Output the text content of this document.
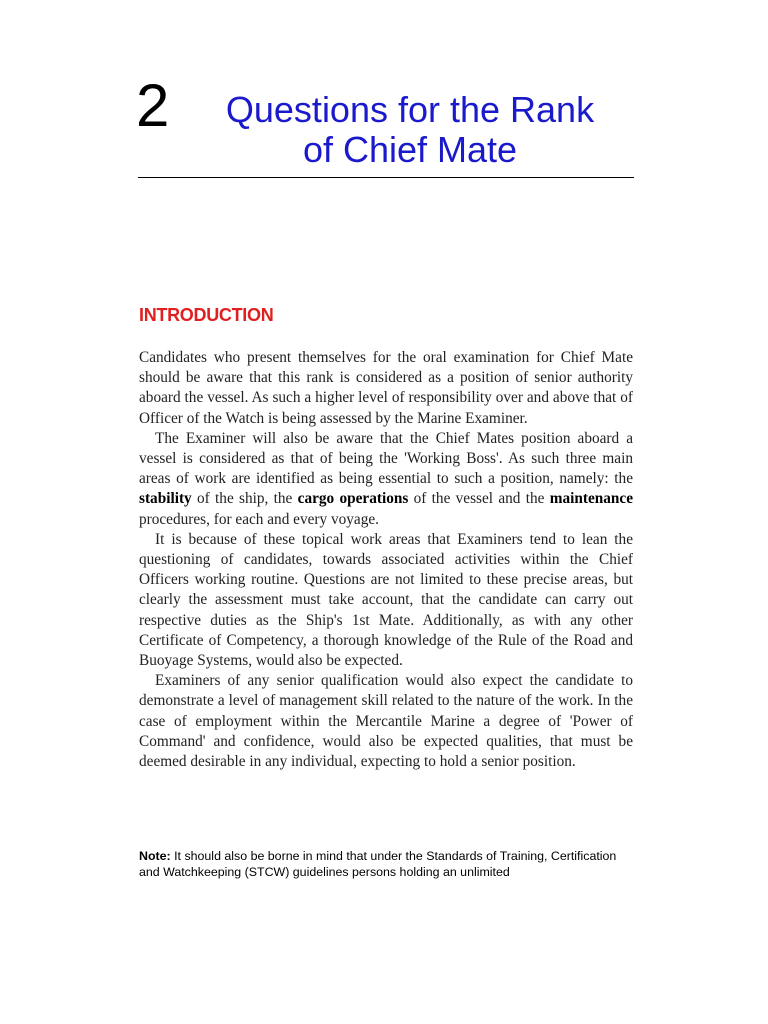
2	Questions for the Rank
of Chief Mate
INTRODUCTION

Candidates who present themselves for the oral examination for Chief Mate should be aware that this rank is considered as a position of senior authority aboard the vessel. As such a higher level of responsibility over and above that of Officer of the Watch is being assessed by the Marine Examiner.

The Examiner will also be aware that the Chief Mates position aboard a vessel is considered as that of being the 'Working Boss'. As such three main areas of work are identified as being essential to such a position, namely: the stability of the ship, the cargo operations of the vessel and the maintenance procedures, for each and every voyage.

It is because of these topical work areas that Examiners tend to lean the questioning of candidates, towards associated activities within the Chief Officers working routine. Questions are not limited to these precise areas, but clearly the assessment must take account, that the candidate can carry out respective duties as the Ship's 1st Mate. Additionally, as with any other Certificate of Competency, a thorough knowledge of the Rule of the Road and Buoyage Systems, would also be expected.

Examiners of any senior qualification would also expect the candidate to demonstrate a level of management skill related to the nature of the work. In the case of employment within the Mercantile Marine a degree of 'Power of Command' and confidence, would also be expected qualities, that must be deemed desirable in any individual, expecting to hold a senior position.

Note: It should also be borne in mind that under the Standards of Training, Certification and Watchkeeping (STCW) guidelines persons holding an unlimited
